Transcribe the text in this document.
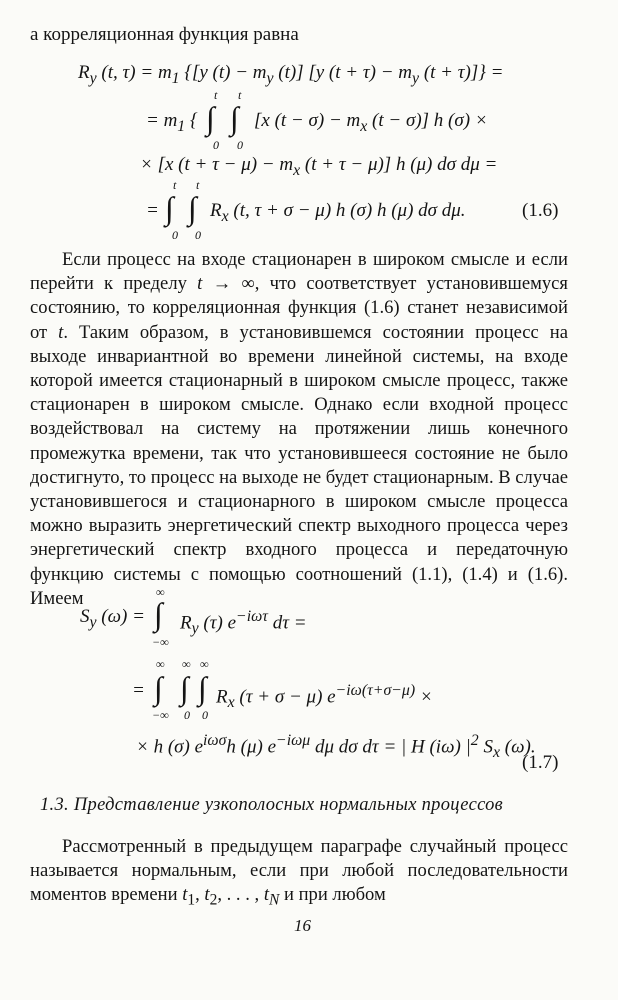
а корреляционная функция равна
$R_y$ (t, $\tau) = m_1$ {[y $(t) - m_y$ (t)] [y $(t + \tau) - m_y$ (t + τ)]} =
= $m_1$ {
t
∫
0
t
∫
0
[x $(t - \sigma) - m_x$ (t − σ)] h (σ) ×
× [x $(t + \tau - \mu) - m_x$ (t + τ − μ)] h (μ) dσ dμ =
=
t
∫
0
t
∫
0
$R_x$ (t, τ + σ − μ) h (σ) h (μ) dσ dμ.	(1.6)
Если процесс на входе стационарен в широком смысле и если перейти к пределу t → ∞, что соответствует установившемуся состоянию, то корреляционная функция (1.6) станет независимой от t. Таким образом, в установившемся состоянии процесс на выходе инвариантной во времени линейной системы, на входе которой имеется стационарный в широком смысле процесс, также стационарен в широком смысле. Однако если входной процесс воздействовал на систему на протяжении лишь конечного промежутка времени, так что установившееся состояние не было достигнуто, то процесс на выходе не будет стационарным. В случае установившегося и стационарного в широком смысле процесса можно выразить энергетический спектр выходного процесса через энергетический спектр входного процесса и передаточную функцию системы с помощью соотношений (1.1), (1.4) и (1.6). Имеем
$S_y$ (ω) =
∞
∫
−∞
$R_y$ (τ) $e^{-i\omega\tau}$ dτ =
=
∞
∫
−∞
∞
∫
0
∞
∫
0
$R_x$ (τ + σ − μ) $e^{-i\omega(\tau+\sigma-\mu)}$ ×
× h (σ) $e^{i\omega\sigma}h$ (μ) $e^{-i\omega\mu}$ dμ dσ dτ = | H (iω) $|^2$ $S_x$ (ω).
(1.7)
1.3. Представление узкополосных нормальных процессов
Рассмотренный в предыдущем параграфе случайный процесс называется нормальным, если при любой последовательности моментов времени $t_1$, $t_2$, . . . , $t_N$ и при любом
16
